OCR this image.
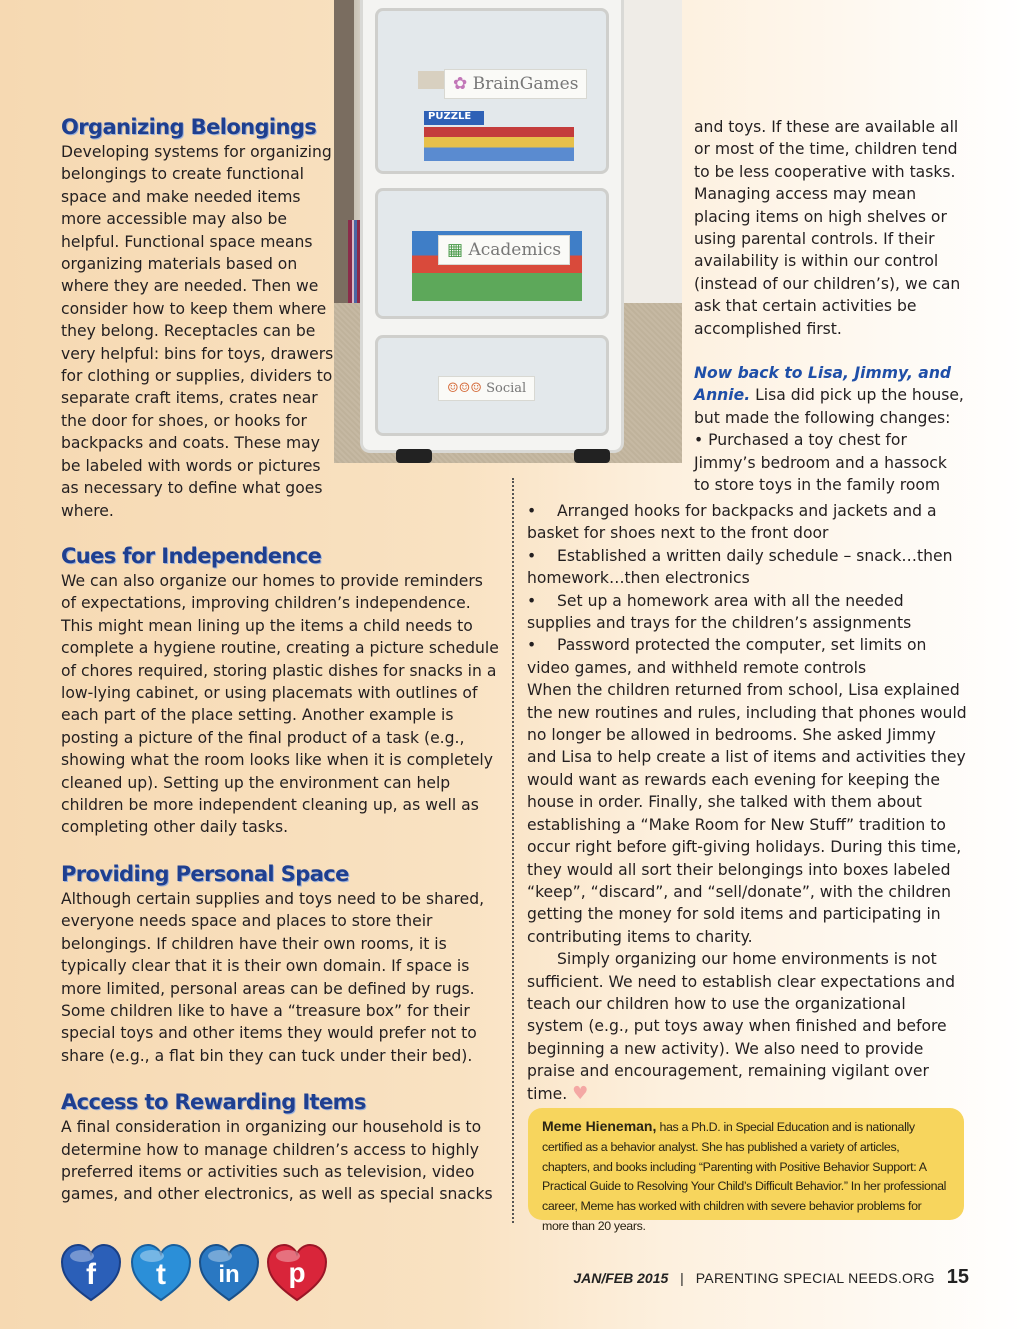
PUZZLE
✿ BrainGames
▦ Academics
☺☺☺ Social
Organizing Belongings

Developing systems for organizing belongings to create functional space and make needed items more accessible may also be helpful. Functional space means organizing materials based on where they are needed. Then we consider how to keep them where they belong. Receptacles can be very helpful: bins for toys, drawers for clothing or supplies, dividers to separate craft items, crates near the door for shoes, or hooks for backpacks and coats. These may be labeled with words or pictures as necessary to define what goes where.

Cues for Independence

We can also organize our homes to provide reminders of expectations, improving children’s independence. This might mean lining up the items a child needs to complete a hygiene routine, creating a picture schedule of chores required, storing plastic dishes for snacks in a low-lying cabinet, or using placemats with outlines of each part of the place setting. Another example is posting a picture of the final product of a task (e.g., showing what the room looks like when it is completely cleaned up). Setting up the environment can help children be more independent cleaning up, as well as completing other daily tasks.

Providing Personal Space

Although certain supplies and toys need to be shared, everyone needs space and places to store their belongings. If children have their own rooms, it is typically clear that it is their own domain. If space is more limited, personal areas can be defined by rugs. Some children like to have a “treasure box” for their special toys and other items they would prefer not to share (e.g., a flat bin they can tuck under their bed).

Access to Rewarding Items

A final consideration in organizing our household is to determine how to manage children’s access to highly preferred items or activities such as television, video games, and other electronics, as well as special snacks

and toys. If these are available all or most of the time, children tend to be less cooperative with tasks. Managing access may mean placing items on high shelves or using parental controls. If their availability is within our control (instead of our children’s), we can ask that certain activities be accomplished first.

Now back to Lisa, Jimmy, and Annie. Lisa did pick up the house, but made the following changes:

• Purchased a toy chest for Jimmy’s bedroom and a hassock to store toys in the family room

• Arranged hooks for backpacks and jackets and a basket for shoes next to the front door

• Established a written daily schedule – snack…then homework…then electronics

• Set up a homework area with all the needed supplies and trays for the children’s assignments

• Password protected the computer, set limits on video games, and withheld remote controls

When the children returned from school, Lisa explained the new routines and rules, including that phones would no longer be allowed in bedrooms. She asked Jimmy and Lisa to help create a list of items and activities they would want as rewards each evening for keeping the house in order. Finally, she talked with them about establishing a “Make Room for New Stuff” tradition to occur right before gift-giving holidays. During this time, they would all sort their belongings into boxes labeled “keep”, “discard”, and “sell/donate”, with the children getting the money for sold items and participating in contributing items to charity.

Simply organizing our home environments is not sufficient. We need to establish clear expectations and teach our children how to use the organizational system (e.g., put toys away when finished and before beginning a new activity). We also need to provide praise and encouragement, remaining vigilant over time. ♥

Meme Hieneman, has a Ph.D. in Special Education and is nationally certified as a behavior analyst. She has published a variety of articles, chapters, and books including “Parenting with Positive Behavior Support: A Practical Guide to Resolving Your Child’s Difficult Behavior.” In her professional career, Meme has worked with children with severe behavior problems for more than 20 years.
f t in p	JAN/FEB 2015 | PARENTING SPECIAL NEEDS.ORG 15
